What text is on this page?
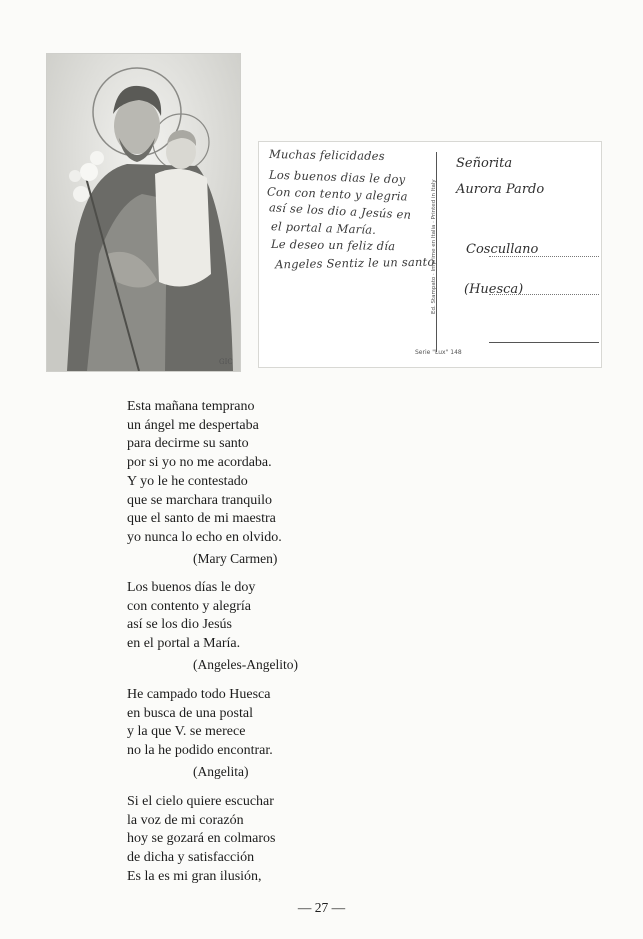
GIC
Muchas felicidades
Los buenos dias le doy
Con con tento y alegria
así se los dio a Jesús en
el portal a María.
Le deseo un feliz día
Angeles Sentiz le un santo
Ed. Stampato · Imprime en Italia · Printed in Italy
Señorita
Aurora Pardo
Coscullano
(Huesca)
Serie "Lux" 148
Esta mañana temprano
un ángel me despertaba
para decirme su santo
por si yo no me acordaba.
Y yo le he contestado
que se marchara tranquilo
que el santo de mi maestra
yo nunca lo echo en olvido.
(Mary Carmen)
Los buenos días le doy
con contento y alegría
así se los dio Jesús
en el portal a María.
(Angeles-Angelito)
He campado todo Huesca
en busca de una postal
y la que V. se merece
no la he podido encontrar.
(Angelita)
Si el cielo quiere escuchar
la voz de mi corazón
hoy se gozará en colmaros
de dicha y satisfacción
Es la es mi gran ilusión,
— 27 —
